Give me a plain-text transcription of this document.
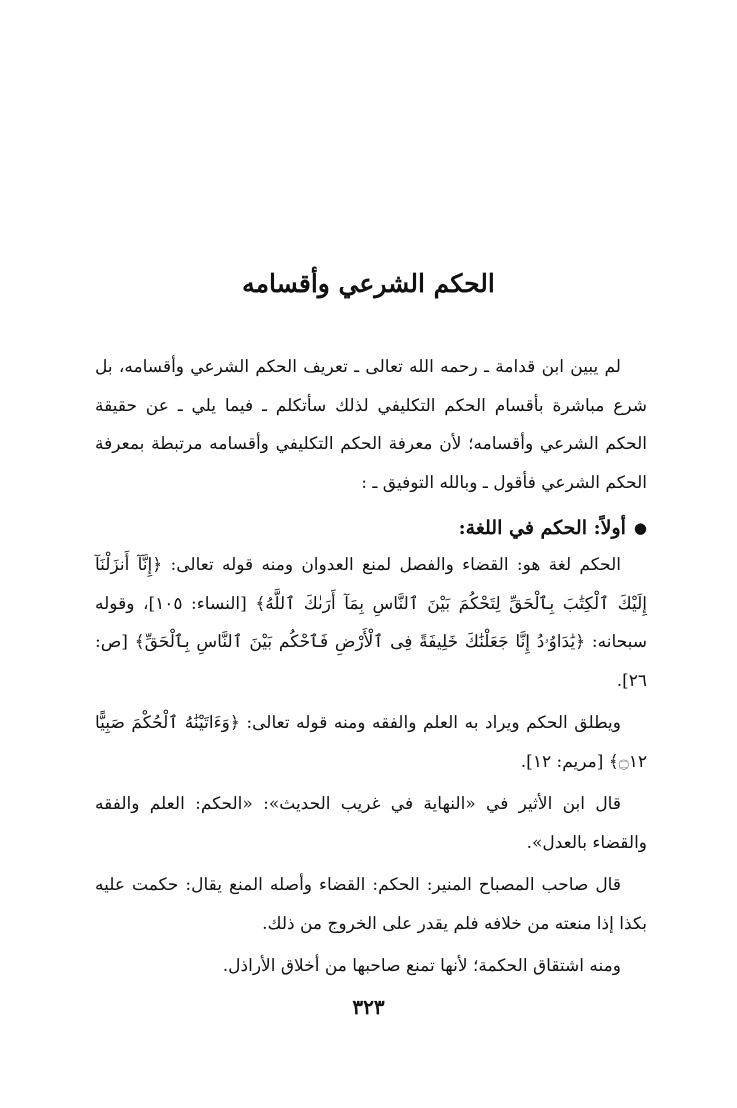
الحكم الشرعي وأقسامه

لم يبين ابن قدامة ـ رحمه الله تعالى ـ تعريف الحكم الشرعي وأقسامه، بل شرع مباشرة بأقسام الحكم التكليفي لذلك سأتكلم ـ فيما يلي ـ عن حقيقة الحكم الشرعي وأقسامه؛ لأن معرفة الحكم التكليفي وأقسامه مرتبطة بمعرفة الحكم الشرعي فأقول ـ وبالله التوفيق ـ :

●
أولاً: الحكم في اللغة:

الحكم لغة هو: القضاء والفصل لمنع العدوان ومنه قوله تعالى: ﴿إِنَّآ أَنزَلْنَآ إِلَيْكَ ٱلْكِتَٰبَ بِٱلْحَقِّ لِتَحْكُمَ بَيْنَ ٱلنَّاسِ بِمَآ أَرَىٰكَ ٱللَّهُ﴾ [النساء: ١٠٥]، وقوله سبحانه: ﴿يَٰدَاوُۥدُ إِنَّا جَعَلْنَٰكَ خَلِيفَةً فِى ٱلْأَرْضِ فَٱحْكُم بَيْنَ ٱلنَّاسِ بِٱلْحَقِّ﴾ [ص: ٢٦].

ويطلق الحكم ويراد به العلم والفقه ومنه قوله تعالى: ﴿وَءَاتَيْنَٰهُ ٱلْحُكْمَ صَبِيًّا ۝١٢﴾ [مريم: ١٢].

قال ابن الأثير في «النهاية في غريب الحديث»: «الحكم: العلم والفقه والقضاء بالعدل».

قال صاحب المصباح المنير: الحكم: القضاء وأصله المنع يقال: حكمت عليه بكذا إذا منعته من خلافه فلم يقدر على الخروج من ذلك.

ومنه اشتقاق الحكمة؛ لأنها تمنع صاحبها من أخلاق الأراذل.

٣٢٣
